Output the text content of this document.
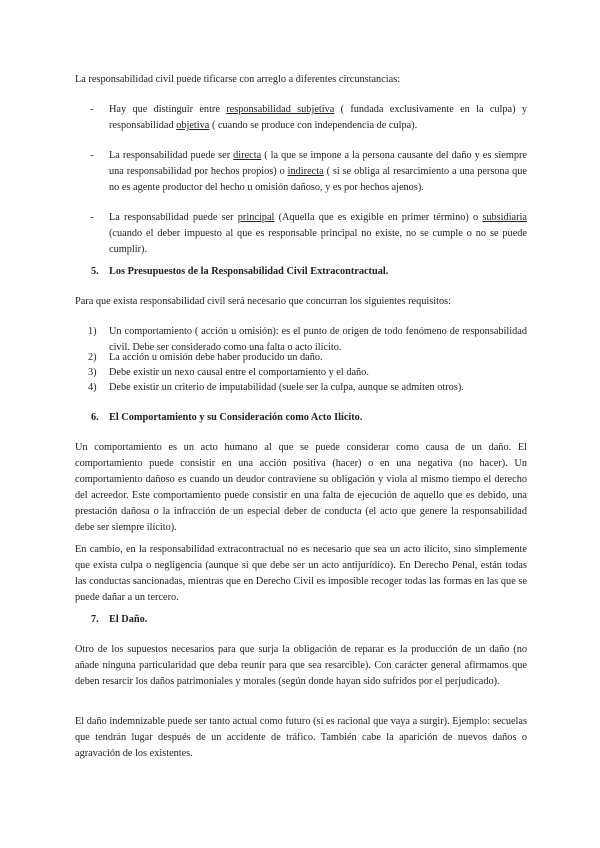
La responsabilidad civil puede tificarse con arreglo a diferentes circunstancias:

-	Hay que distinguir entre responsabilidad subjetiva ( fundada exclusivamente en la culpa) y responsabilidad objetiva ( cuando se produce con independencia de culpa).

-	La responsabilidad puede ser directa ( la que se impone a la persona causante del daño y es siempre una responsabilidad por hechos propios) o indirecta ( si se obliga al resarcimiento a una persona que no es agente productor del hecho u omisión dañoso, y es por hechos ajenos).

-	La responsabilidad puede ser principal (Aquella que es exigible en primer término) o subsidiaria (cuando el deber impuesto al que es responsable principal no existe, no se cumple o no se puede cumplir).

5. Los Presupuestos de la Responsabilidad Civil Extracontractual.

Para que exista responsabilidad civil será necesario que concurran los siguientes requisitos:

1)	Un comportamiento ( acción u omisión): es el punto de origen de todo fenómeno de responsabilidad civil. Debe ser considerado como una falta o acto ilícito.

2)	La acción u omisión debe haber producido un daño.

3)	Debe existir un nexo causal entre el comportamiento y el daño.

4)	Debe existir un criterio de imputabilidad (suele ser la culpa, aunque se admiten otros).

6. El Comportamiento y su Consideración como Acto Ilícito.

Un comportamiento es un acto humano al que se puede considerar como causa de un daño. El comportamiento puede consistir en una acción positiva (hacer) o en una negativa (no hacer). Un comportamiento dañoso es cuando un deudor contraviene su obligación y viola al mismo tiempo el derecho del acreedor. Este comportamiento puede consistir en una falta de ejecución de aquello que es debido, una prestación dañosa o la infracción de un especial deber de conducta (el acto que genere la responsabilidad debe ser siempre ilícito).

En cambio, en la responsabilidad extracontractual no es necesario que sea un acto ilícito, sino simplemente que exista culpa o negligencia (aunque sí que debe ser un acto antijurídico). En Derecho Penal, están todas las conductas sancionadas, mientras que en Derecho Civil es imposible recoger todas las formas en las que se puede dañar a un tercero.

7. El Daño.

Otro de los supuestos necesarios para que surja la obligación de reparar es la producción de un daño (no añade ninguna particularidad que deba reunir para que sea resarcible). Con carácter general afirmamos que deben resarcir los daños patrimoniales y morales (según donde hayan sido sufridos por el perjudicado).

El daño indemnizable puede ser tanto actual como futuro (si es racional que vaya a surgir). Ejemplo: secuelas que tendrán lugar después de un accidente de tráfico. También cabe la aparición de nuevos daños o agravación de los existentes.
